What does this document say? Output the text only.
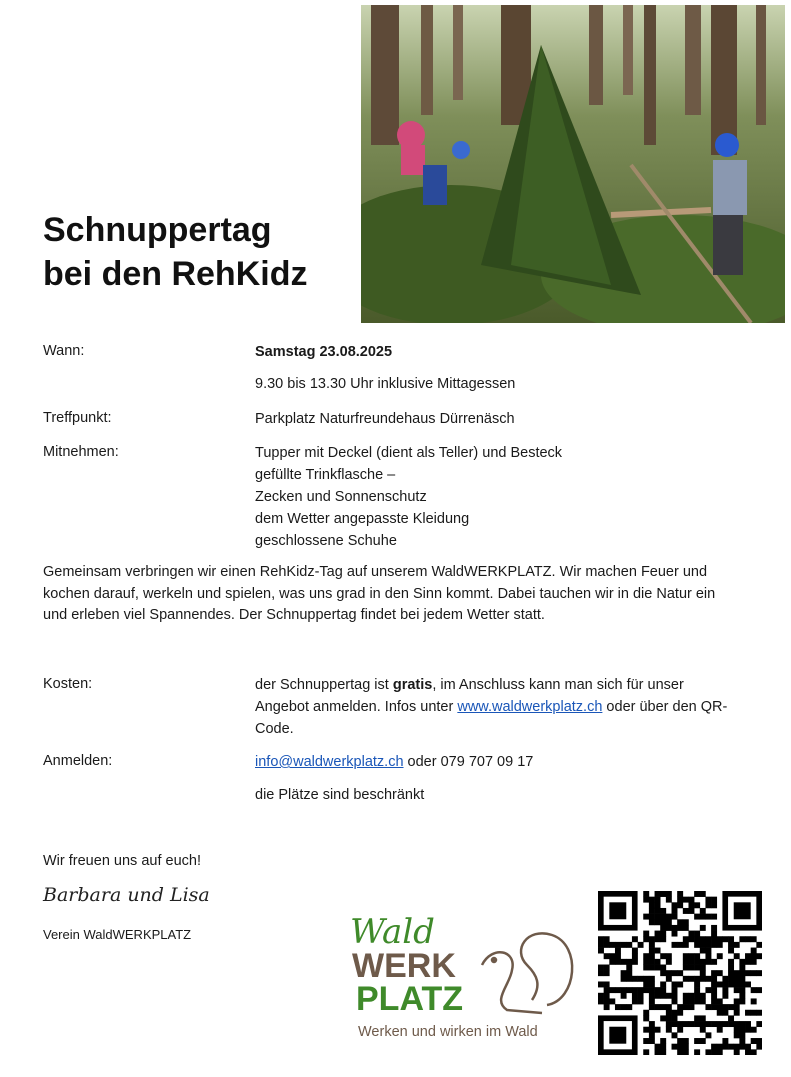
Schnuppertag
bei den RehKidz
Wann:	Samstag 23.08.2025
9.30 bis 13.30 Uhr inklusive Mittagessen
Treffpunkt:	Parkplatz Naturfreundehaus Dürrenäsch
Mitnehmen:	Tupper mit Deckel (dient als Teller) und Besteck
gefüllte Trinkflasche –
Zecken und Sonnenschutz
dem Wetter angepasste Kleidung
geschlossene Schuhe
Gemeinsam verbringen wir einen RehKidz-Tag auf unserem WaldWERKPLATZ. Wir machen Feuer und kochen darauf, werkeln und spielen, was uns grad in den Sinn kommt. Dabei tauchen wir in die Natur ein und erleben viel Spannendes. Der Schnuppertag findet bei jedem Wetter statt.
Kosten:	der Schnuppertag ist gratis, im Anschluss kann man sich für unser Angebot anmelden. Infos unter www.waldwerkplatz.ch oder über den QR-Code.
Anmelden:	info@waldwerkplatz.ch oder 079 707 09 17
die Plätze sind beschränkt
Wir freuen uns auf euch!
Barbara und Lisa
Verein WaldWERKPLATZ	Wald
WERK
PLATZ
Werken und wirken im Wald
